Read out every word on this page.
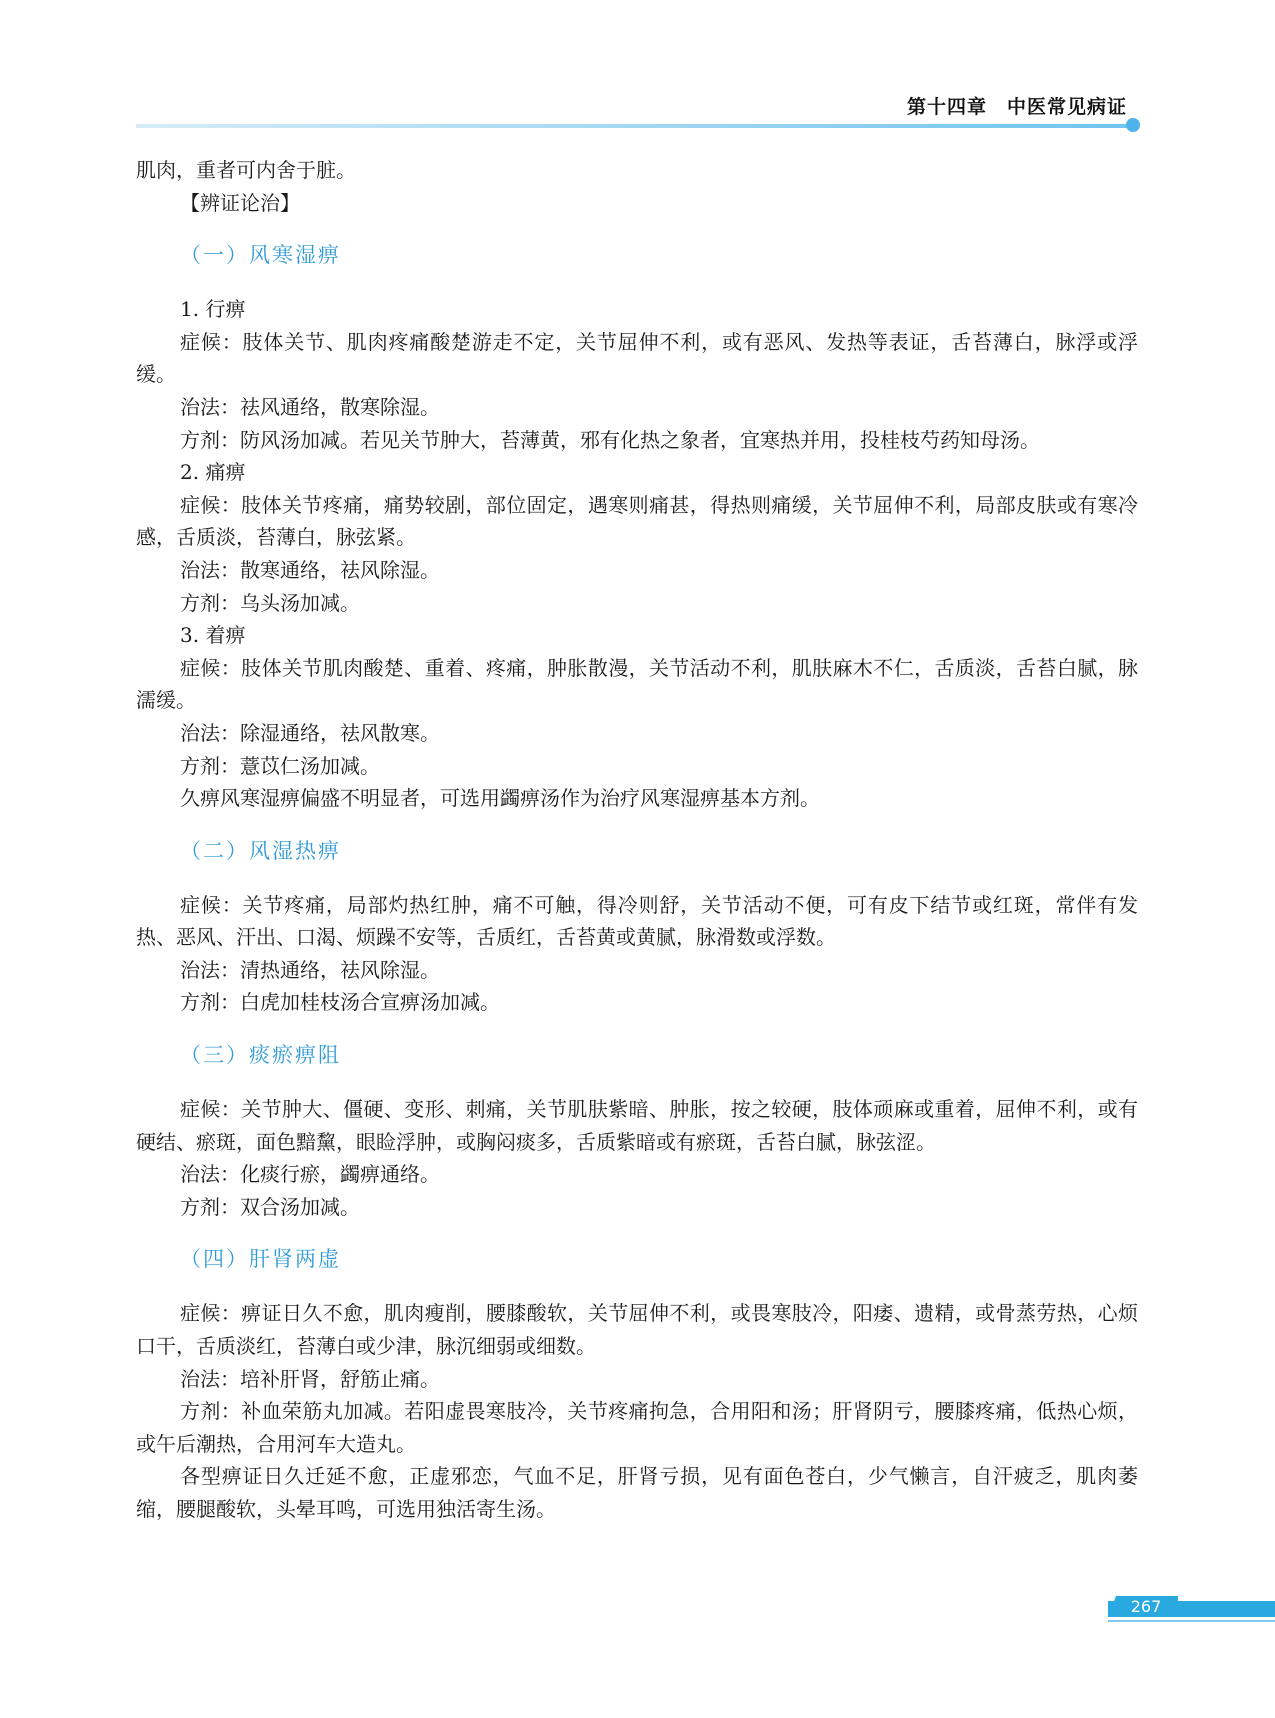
第十四章　中医常见病证

肌肉，重者可内舍于脏。

【辨证论治】

（一）风寒湿痹

1. 行痹

症候：肢体关节、肌肉疼痛酸楚游走不定，关节屈伸不利，或有恶风、发热等表证，舌苔薄白，脉浮或浮缓。

治法：祛风通络，散寒除湿。

方剂：防风汤加减。若见关节肿大，苔薄黄，邪有化热之象者，宜寒热并用，投桂枝芍药知母汤。

2. 痛痹

症候：肢体关节疼痛，痛势较剧，部位固定，遇寒则痛甚，得热则痛缓，关节屈伸不利，局部皮肤或有寒冷感，舌质淡，苔薄白，脉弦紧。

治法：散寒通络，祛风除湿。

方剂：乌头汤加减。

3. 着痹

症候：肢体关节肌肉酸楚、重着、疼痛，肿胀散漫，关节活动不利，肌肤麻木不仁，舌质淡，舌苔白腻，脉濡缓。

治法：除湿通络，祛风散寒。

方剂：薏苡仁汤加减。

久痹风寒湿痹偏盛不明显者，可选用蠲痹汤作为治疗风寒湿痹基本方剂。

（二）风湿热痹

症候：关节疼痛，局部灼热红肿，痛不可触，得冷则舒，关节活动不便，可有皮下结节或红斑，常伴有发热、恶风、汗出、口渴、烦躁不安等，舌质红，舌苔黄或黄腻，脉滑数或浮数。

治法：清热通络，祛风除湿。

方剂：白虎加桂枝汤合宣痹汤加减。

（三）痰瘀痹阻

症候：关节肿大、僵硬、变形、刺痛，关节肌肤紫暗、肿胀，按之较硬，肢体顽麻或重着，屈伸不利，或有硬结、瘀斑，面色黯黧，眼睑浮肿，或胸闷痰多，舌质紫暗或有瘀斑，舌苔白腻，脉弦涩。

治法：化痰行瘀，蠲痹通络。

方剂：双合汤加减。

（四）肝肾两虚

症候：痹证日久不愈，肌肉瘦削，腰膝酸软，关节屈伸不利，或畏寒肢冷，阳痿、遗精，或骨蒸劳热，心烦口干，舌质淡红，苔薄白或少津，脉沉细弱或细数。

治法：培补肝肾，舒筋止痛。

方剂：补血荣筋丸加减。若阳虚畏寒肢冷，关节疼痛拘急，合用阳和汤；肝肾阴亏，腰膝疼痛，低热心烦，或午后潮热，合用河车大造丸。

各型痹证日久迁延不愈，正虚邪恋，气血不足，肝肾亏损，见有面色苍白，少气懒言，自汗疲乏，肌肉萎缩，腰腿酸软，头晕耳鸣，可选用独活寄生汤。

267
